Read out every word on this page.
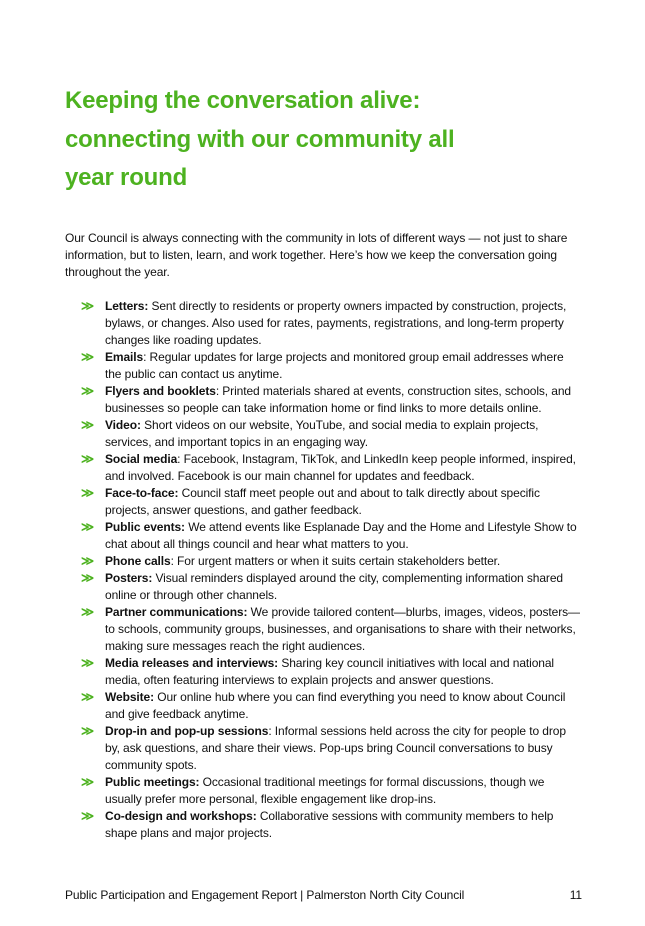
Keeping the conversation alive:
connecting with our community all
year round

Our Council is always connecting with the community in lots of different ways — not just to share information, but to listen, learn, and work together. Here’s how we keep the conversation going throughout the year.

≫ Letters: Sent directly to residents or property owners impacted by construction, projects, bylaws, or changes. Also used for rates, payments, registrations, and long-term property changes like roading updates.
≫ Emails: Regular updates for large projects and monitored group email addresses where the public can contact us anytime.
≫ Flyers and booklets: Printed materials shared at events, construction sites, schools, and businesses so people can take information home or find links to more details online.
≫ Video: Short videos on our website, YouTube, and social media to explain projects, services, and important topics in an engaging way.
≫ Social media: Facebook, Instagram, TikTok, and LinkedIn keep people informed, inspired, and involved. Facebook is our main channel for updates and feedback.
≫ Face-to-face: Council staff meet people out and about to talk directly about specific projects, answer questions, and gather feedback.
≫ Public events: We attend events like Esplanade Day and the Home and Lifestyle Show to chat about all things council and hear what matters to you.
≫ Phone calls: For urgent matters or when it suits certain stakeholders better.
≫ Posters: Visual reminders displayed around the city, complementing information shared online or through other channels.
≫ Partner communications: We provide tailored content—blurbs, images, videos, posters—to schools, community groups, businesses, and organisations to share with their networks, making sure messages reach the right audiences.
≫ Media releases and interviews: Sharing key council initiatives with local and national media, often featuring interviews to explain projects and answer questions.
≫ Website: Our online hub where you can find everything you need to know about Council and give feedback anytime.
≫ Drop-in and pop-up sessions: Informal sessions held across the city for people to drop by, ask questions, and share their views. Pop-ups bring Council conversations to busy community spots.
≫ Public meetings: Occasional traditional meetings for formal discussions, though we usually prefer more personal, flexible engagement like drop-ins.
≫ Co-design and workshops: Collaborative sessions with community members to help shape plans and major projects.
Public Participation and Engagement Report | Palmerston North City Council	11
